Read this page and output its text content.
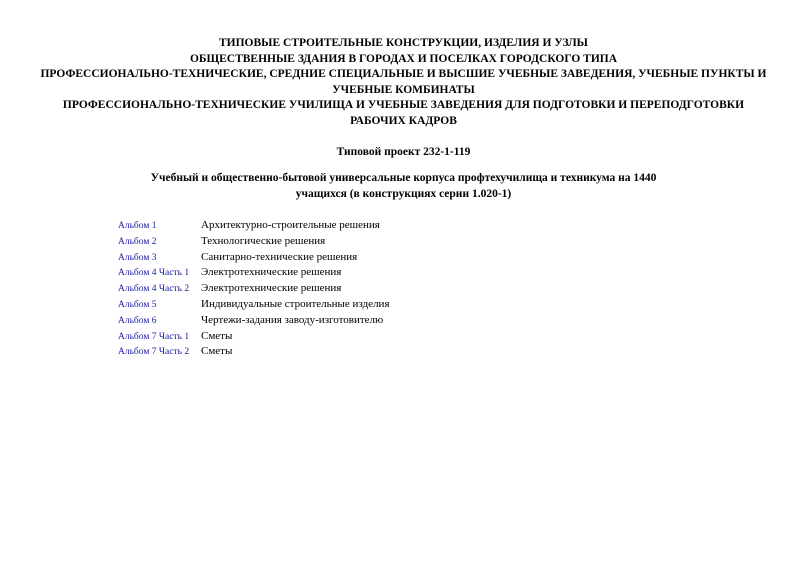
ТИПОВЫЕ СТРОИТЕЛЬНЫЕ КОНСТРУКЦИИ, ИЗДЕЛИЯ И УЗЛЫ
ОБЩЕСТВЕННЫЕ ЗДАНИЯ В ГОРОДАХ И ПОСЕЛКАХ ГОРОДСКОГО ТИПА
ПРОФЕССИОНАЛЬНО-ТЕХНИЧЕСКИЕ, СРЕДНИЕ СПЕЦИАЛЬНЫЕ И ВЫСШИЕ УЧЕБНЫЕ ЗАВЕДЕНИЯ, УЧЕБНЫЕ ПУНКТЫ И УЧЕБНЫЕ КОМБИНАТЫ
ПРОФЕССИОНАЛЬНО-ТЕХНИЧЕСКИЕ УЧИЛИЩА И УЧЕБНЫЕ ЗАВЕДЕНИЯ ДЛЯ ПОДГОТОВКИ И ПЕРЕПОДГОТОВКИ РАБОЧИХ КАДРОВ
Типовой проект 232-1-119
Учебный и общественно-бытовой универсальные корпуса профтехучилища и техникума на 1440 учащихся (в конструкциях серии 1.020-1)
Альбом 1	Архитектурно-строительные решения
Альбом 2	Технологические решения
Альбом 3	Санитарно-технические решения
Альбом 4 Часть 1	Электротехнические решения
Альбом 4 Часть 2	Электротехнические решения
Альбом 5	Индивидуальные строительные изделия
Альбом 6	Чертежи-задания заводу-изготовителю
Альбом 7 Часть 1	Сметы
Альбом 7 Часть 2	Сметы
